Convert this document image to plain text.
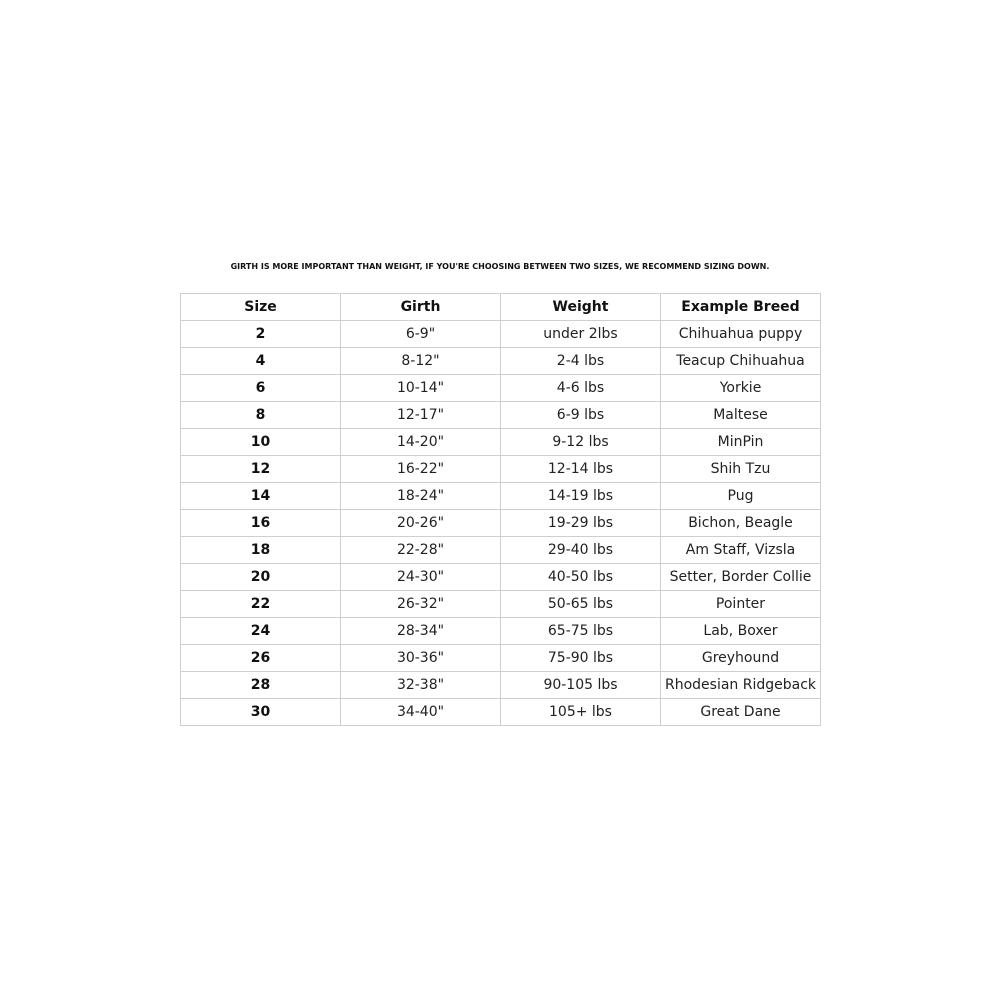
GIRTH IS MORE IMPORTANT THAN WEIGHT, IF YOU'RE CHOOSING BETWEEN TWO SIZES, WE RECOMMEND SIZING DOWN.
Size	Girth	Weight	Example Breed
2	6-9"	under 2lbs	Chihuahua puppy
4	8-12"	2-4 lbs	Teacup Chihuahua
6	10-14"	4-6 lbs	Yorkie
8	12-17"	6-9 lbs	Maltese
10	14-20"	9-12 lbs	MinPin
12	16-22"	12-14 lbs	Shih Tzu
14	18-24"	14-19 lbs	Pug
16	20-26"	19-29 lbs	Bichon, Beagle
18	22-28"	29-40 lbs	Am Staff, Vizsla
20	24-30"	40-50 lbs	Setter, Border Collie
22	26-32"	50-65 lbs	Pointer
24	28-34"	65-75 lbs	Lab, Boxer
26	30-36"	75-90 lbs	Greyhound
28	32-38"	90-105 lbs	Rhodesian Ridgeback
30	34-40"	105+ lbs	Great Dane
